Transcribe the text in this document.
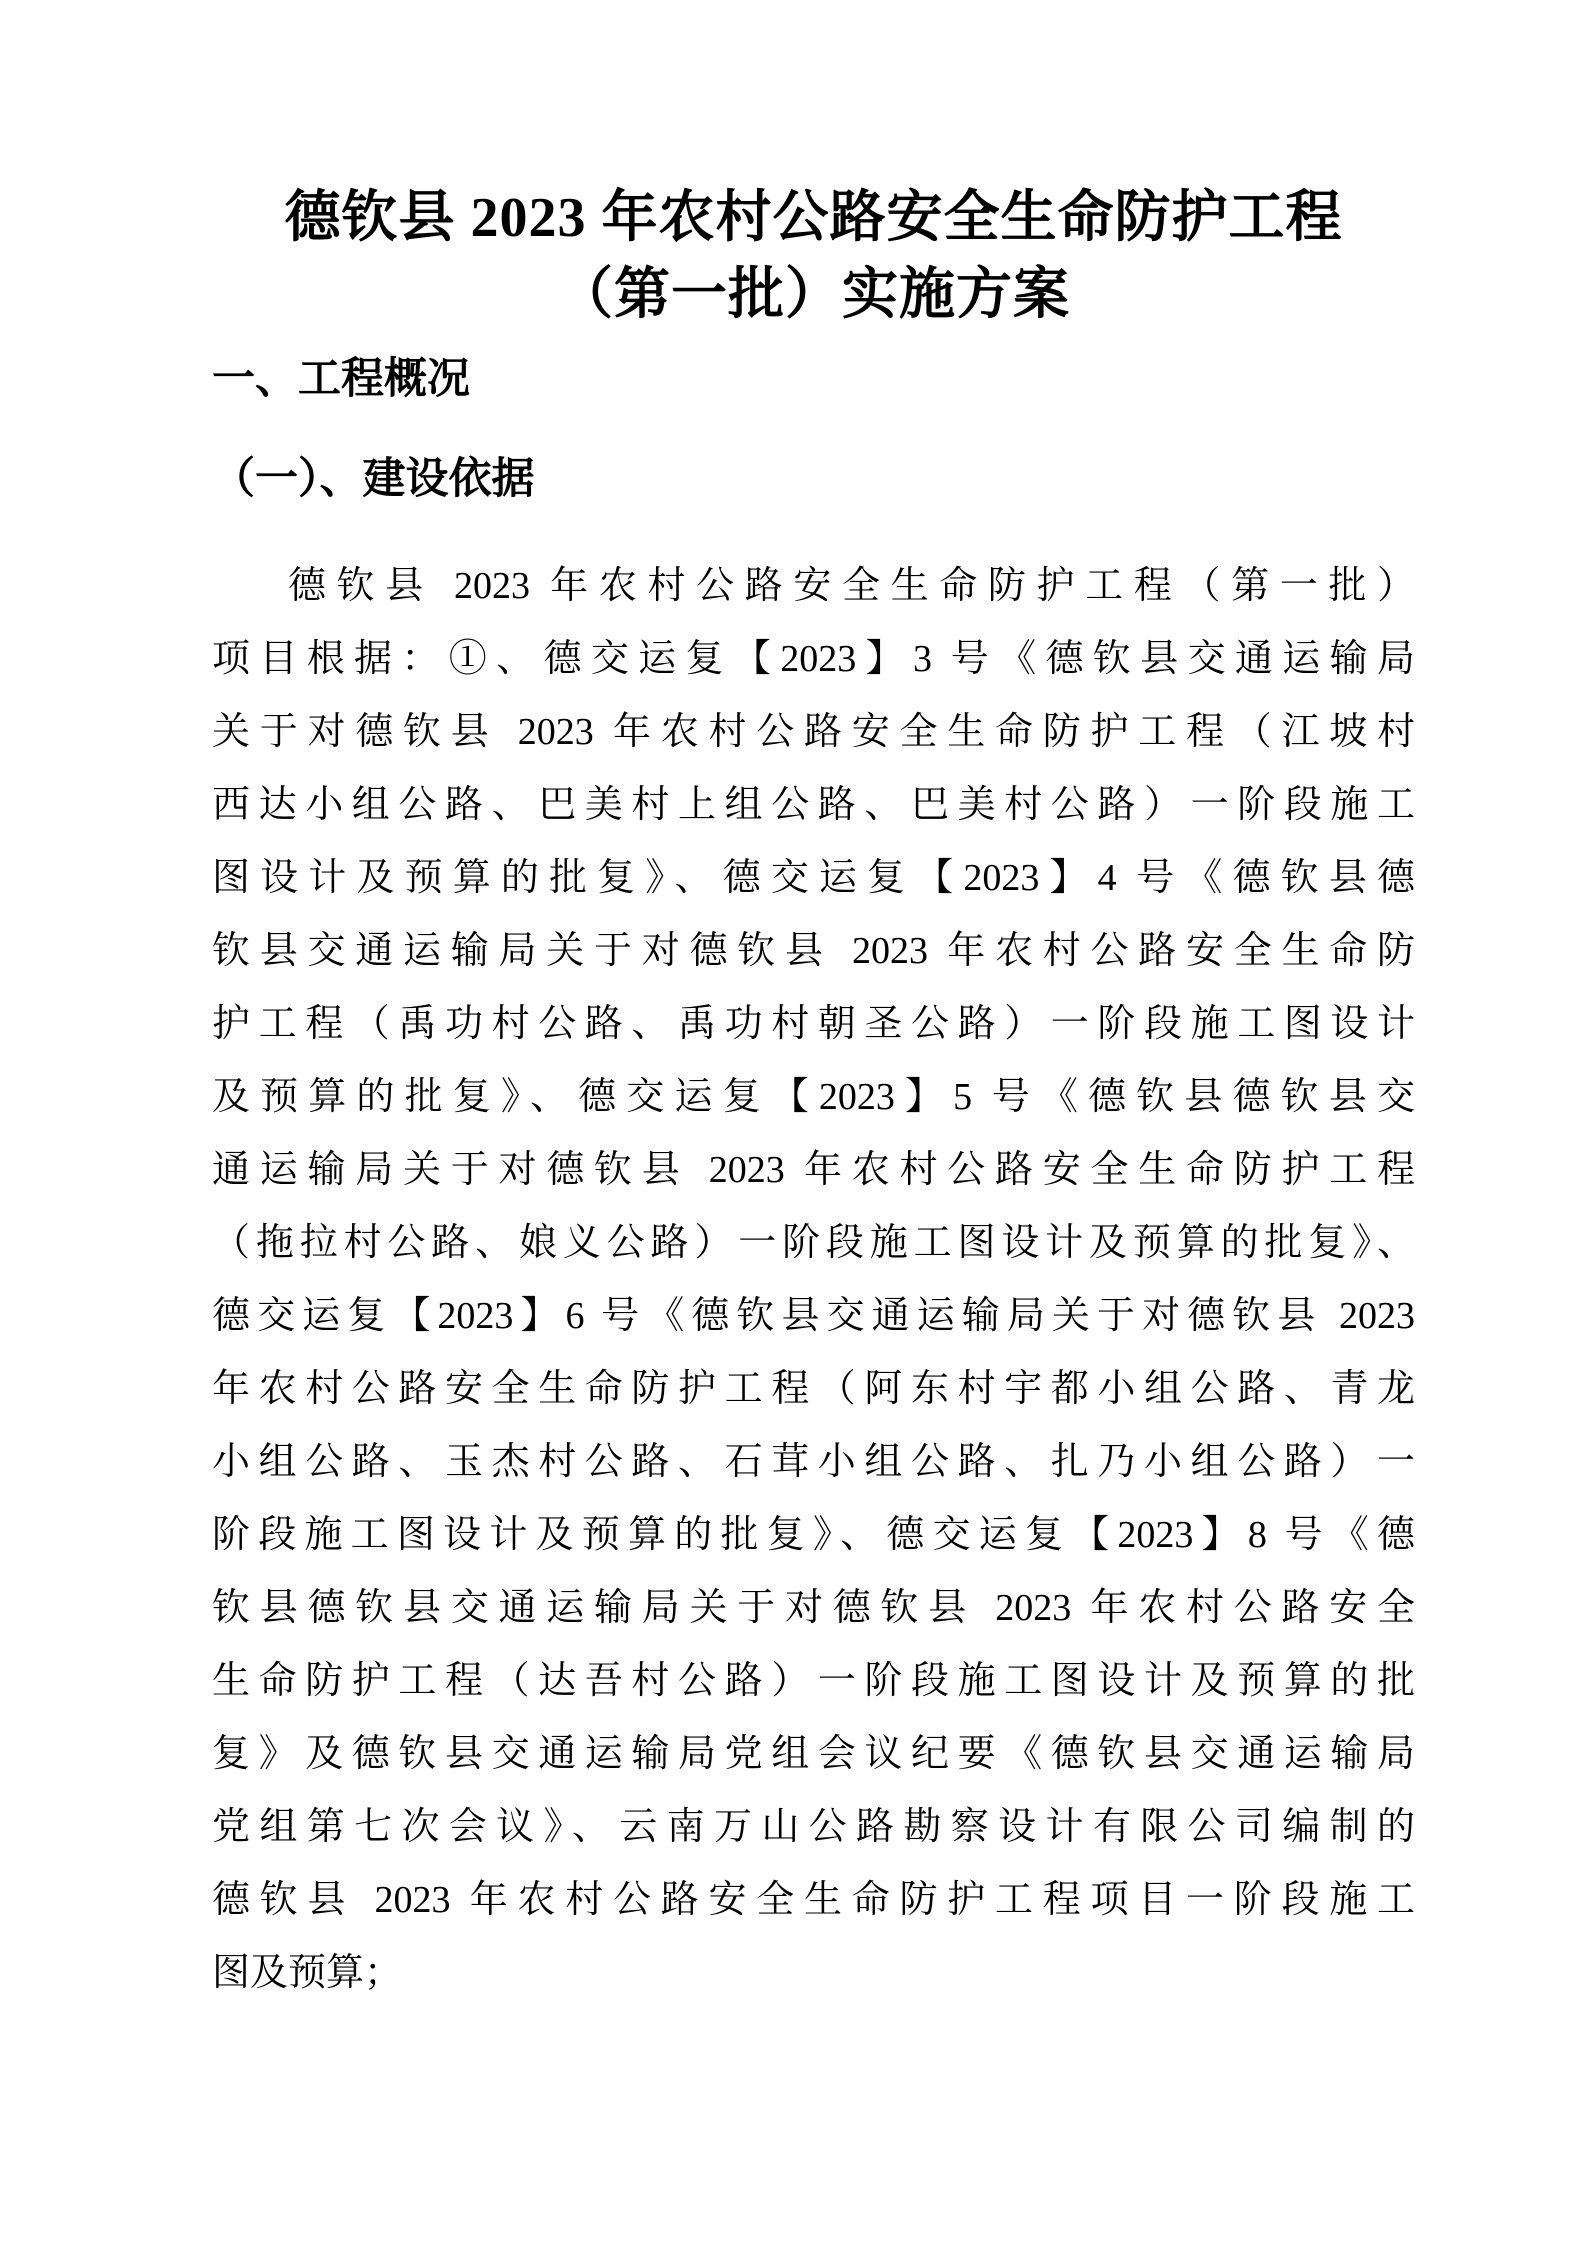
德钦县 2023 年农村公路安全生命防护工程
（第一批）实施方案
一、工程概况
（一）、建设依据
德钦县 2023 年农村公路安全生命防护工程（第一批）
项目根据：①、德交运复【2023】3 号《德钦县交通运输局
关于对德钦县 2023 年农村公路安全生命防护工程（江坡村
西达小组公路、巴美村上组公路、巴美村公路）一阶段施工
图设计及预算的批复》、德交运复【2023】4 号《德钦县德
钦县交通运输局关于对德钦县 2023 年农村公路安全生命防
护工程（禹功村公路、禹功村朝圣公路）一阶段施工图设计
及预算的批复》、德交运复【2023】5 号《德钦县德钦县交
通运输局关于对德钦县 2023 年农村公路安全生命防护工程
（拖拉村公路、娘义公路）一阶段施工图设计及预算的批复》、
德交运复【2023】6 号《德钦县交通运输局关于对德钦县 2023
年农村公路安全生命防护工程（阿东村宇都小组公路、青龙
小组公路、玉杰村公路、石茸小组公路、扎乃小组公路）一
阶段施工图设计及预算的批复》、德交运复【2023】8 号《德
钦县德钦县交通运输局关于对德钦县 2023 年农村公路安全
生命防护工程（达吾村公路）一阶段施工图设计及预算的批
复》及德钦县交通运输局党组会议纪要《德钦县交通运输局
党组第七次会议》、云南万山公路勘察设计有限公司编制的
德钦县 2023 年农村公路安全生命防护工程项目一阶段施工
图及预算；
